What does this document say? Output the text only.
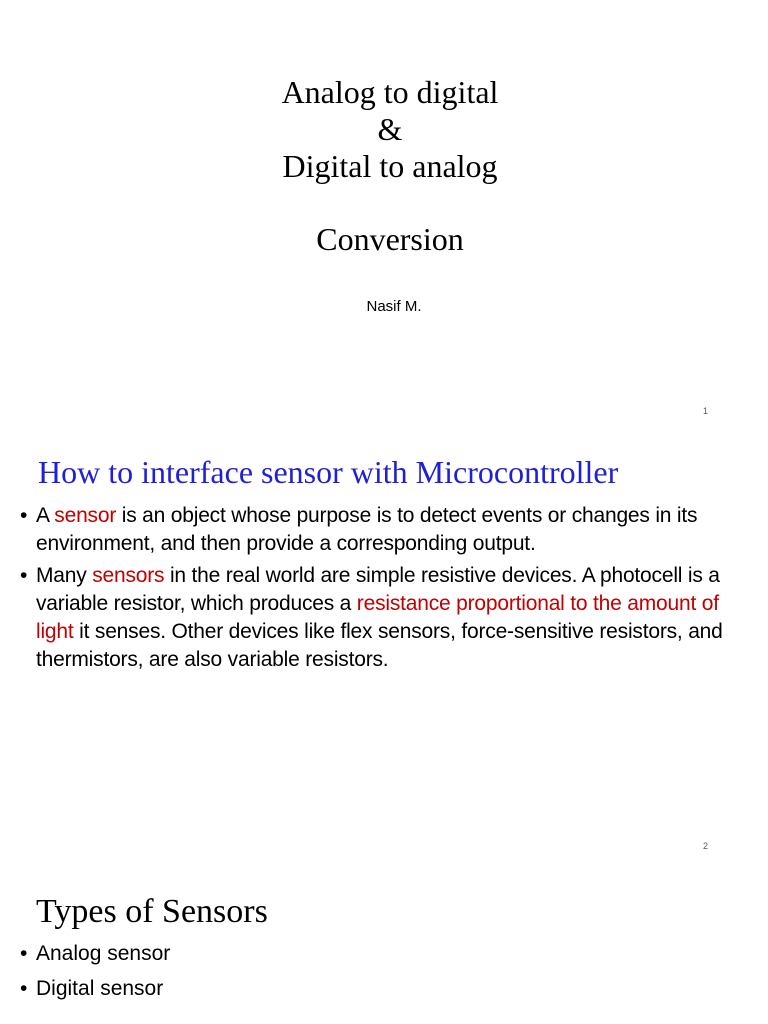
Analog to digital
&
Digital to analog
Conversion
Nasif M.
1
How to interface sensor with Microcontroller
• A sensor is an object whose purpose is to detect events or changes in its environment, and then provide a corresponding output.
• Many sensors in the real world are simple resistive devices. A photocell is a variable resistor, which produces a resistance proportional to the amount of light it senses. Other devices like flex sensors, force-sensitive resistors, and thermistors, are also variable resistors.
2
Types of Sensors
• Analog sensor
• Digital sensor
